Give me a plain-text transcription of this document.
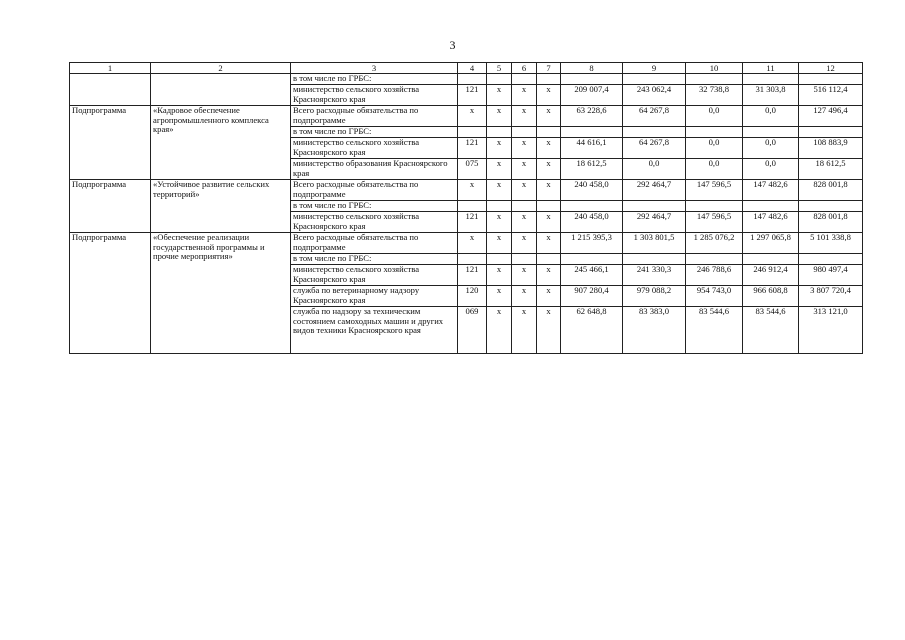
3
1	2	3	4	5	6	7	8	9	10	11	12
		в том числе по ГРБС:									
		министерство сельского хозяйства Красноярского края	121	х	х	х	209 007,4	243 062,4	32 738,8	31 303,8	516 112,4
Подпрограмма	«Кадровое обеспечение агропромышленного комплекса края»	Всего расходные обязательства по подпрограмме	х	х	х	х	63 228,6	64 267,8	0,0	0,0	127 496,4
		в том числе по ГРБС:									
		министерство сельского хозяйства Красноярского края	121	х	х	х	44 616,1	64 267,8	0,0	0,0	108 883,9
		министерство образования Красноярского края	075	х	х	х	18 612,5	0,0	0,0	0,0	18 612,5
Подпрограмма	«Устойчивое развитие сельских территорий»	Всего расходные обязательства по подпрограмме	х	х	х	х	240 458,0	292 464,7	147 596,5	147 482,6	828 001,8
		в том числе по ГРБС:									
		министерство сельского хозяйства Красноярского края	121	х	х	х	240 458,0	292 464,7	147 596,5	147 482,6	828 001,8
Подпрограмма	«Обеспечение реализации государственной программы и прочие мероприятия»	Всего расходные обязательства по подпрограмме	х	х	х	х	1 215 395,3	1 303 801,5	1 285 076,2	1 297 065,8	5 101 338,8
		в том числе по ГРБС:									
		министерство сельского хозяйства Красноярского края	121	х	х	х	245 466,1	241 330,3	246 788,6	246 912,4	980 497,4
		служба по ветеринарному надзору Красноярского края	120	х	х	х	907 280,4	979 088,2	954 743,0	966 608,8	3 807 720,4
		служба по надзору за техническим состоянием самоходных машин и других видов техники Красноярского края	069	х	х	х	62 648,8	83 383,0	83 544,6	83 544,6	313 121,0
